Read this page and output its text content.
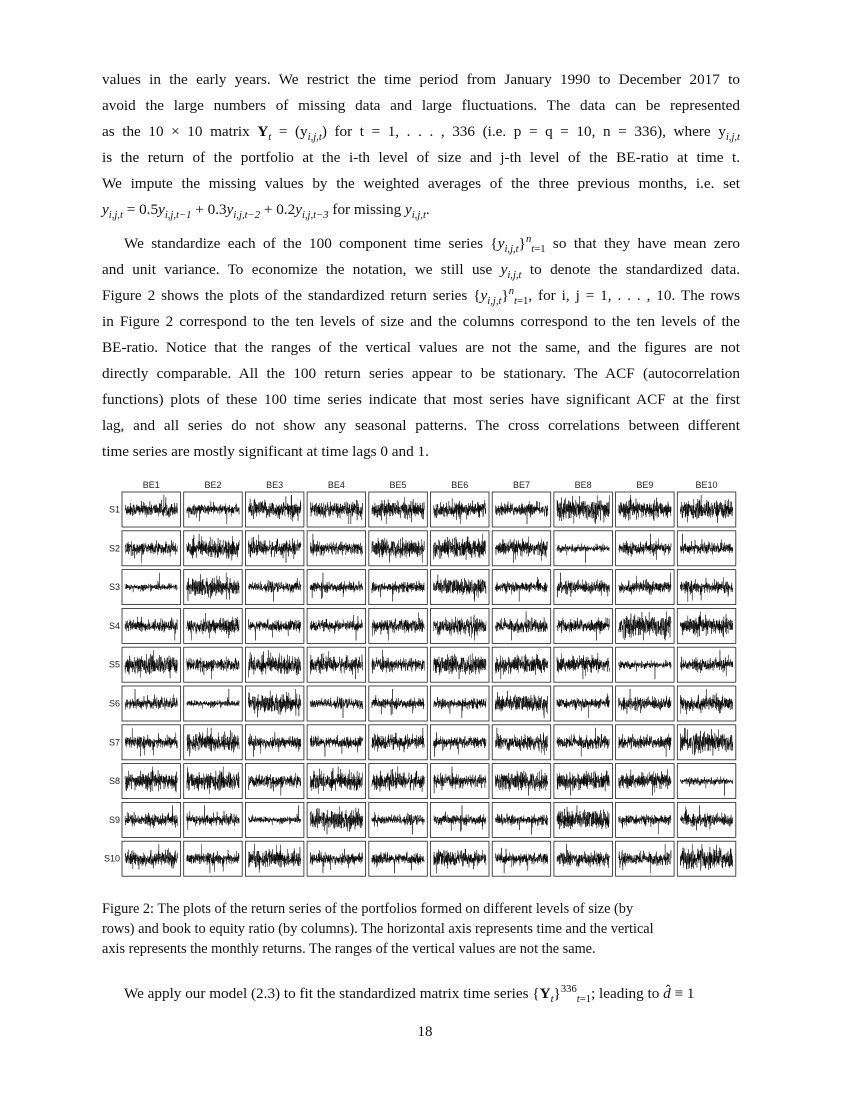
values in the early years. We restrict the time period from January 1990 to December 2017 to
avoid the large numbers of missing data and large fluctuations. The data can be represented
as the 10 × 10 matrix $Y_t = (y_{i,j,t})$ for t = 1, . . . , 336 (i.e. p = q = 10, n = 336), where $y_{i,j,t}$
is the return of the portfolio at the i-th level of size and j-th level of the BE-ratio at time t.
We impute the missing values by the weighted averages of the three previous months, i.e. set
$y_{i,j,t} = 0.5y_{i,j,t-1} + 0.3y_{i,j,t-2} + 0.2y_{i,j,t-3}$ for missing $y_{i,j,t}$.
We standardize each of the 100 component time series $\{y_{i,j,t}\}^n_{t=1}$ so that they have mean zero
and unit variance. To economize the notation, we still use $y_{i,j,t}$ to denote the standardized data.
Figure 2 shows the plots of the standardized return series $\{y_{i,j,t}\}^n_{t=1}$, for i, j = 1, . . . , 10. The rows
in Figure 2 correspond to the ten levels of size and the columns correspond to the ten levels of the
BE-ratio. Notice that the ranges of the vertical values are not the same, and the figures are not
directly comparable. All the 100 return series appear to be stationary. The ACF (autocorrelation
functions) plots of these 100 time series indicate that most series have significant ACF at the first
lag, and all series do not show any seasonal patterns. The cross correlations between different
time series are mostly significant at time lags 0 and 1.
BE1	BE2	BE3	BE4	BE5	BE6	BE7	BE8	BE9	BE10
S1
S2
S3
S4
S5
S6
S7
S8
S9
S10
Figure 2: The plots of the return series of the portfolios formed on different levels of size (by
rows) and book to equity ratio (by columns). The horizontal axis represents time and the vertical
axis represents the monthly returns. The ranges of the vertical values are not the same.
We apply our model (2.3) to fit the standardized matrix time series $\{Y_t\}^{336}_{t=1}$; leading to d̂ ≡ 1
18
